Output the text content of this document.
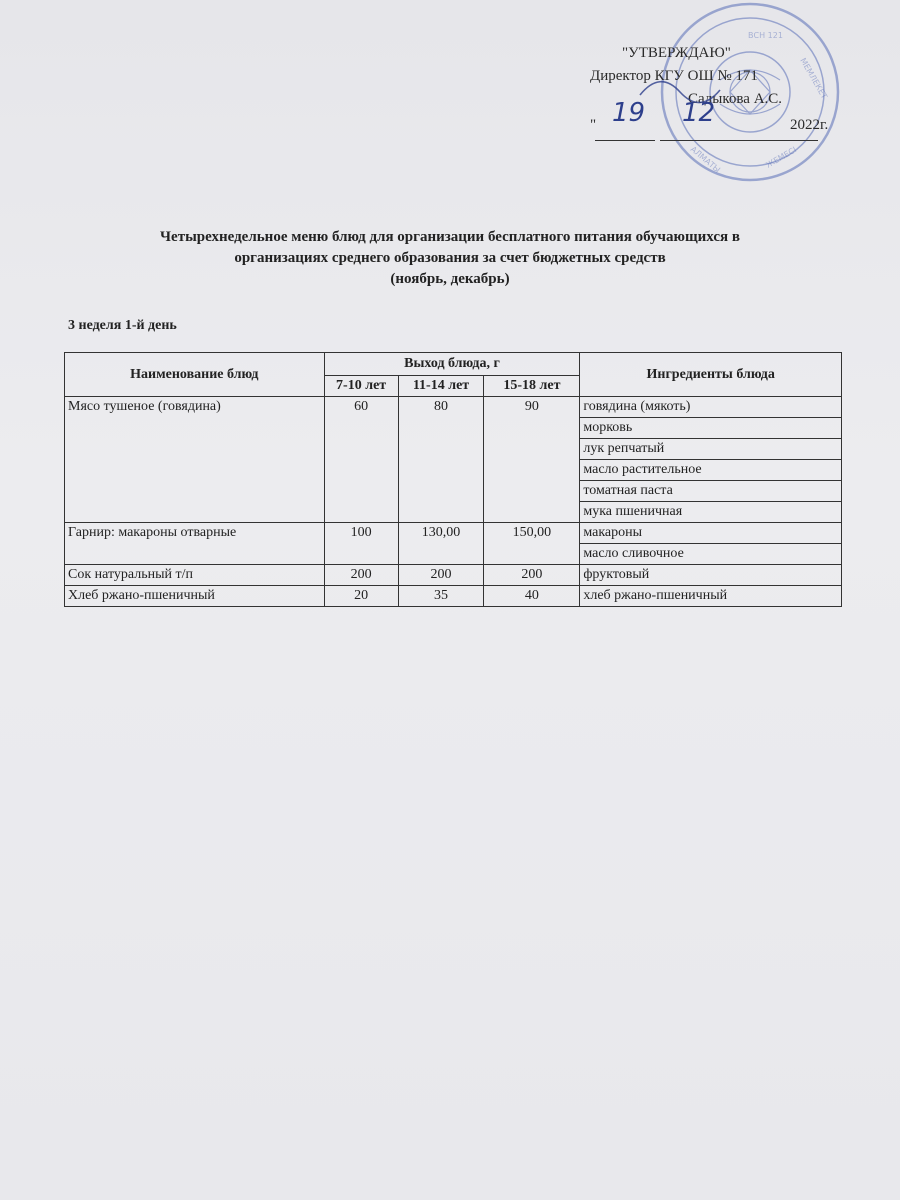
ВСН 121
ЖЕМЕСІ
АЛМАТЫ
МЕМЛЕКЕТ
"УТВЕРЖДАЮ"
Директор КГУ ОШ № 171
Садыкова А.С.
" 19 12	2022г.
Четырехнедельное меню блюд для организации бесплатного питания обучающихся в
организациях среднего образования за счет бюджетных средств
(ноябрь, декабрь)
3 неделя 1-й день
Наименование блюд	Выход блюда, г			Ингредиенты блюда
	7-10 лет	11-14 лет	15-18 лет	
Мясо тушеное (говядина)	60	80	90	говядина (мякоть)
				морковь
				лук репчатый
				масло растительное
				томатная паста
				мука пшеничная
Гарнир: макароны отварные	100	130,00	150,00	макароны
				масло сливочное
Сок натуральный т/п	200	200	200	фруктовый
Хлеб ржано-пшеничный	20	35	40	хлеб ржано-пшеничный
